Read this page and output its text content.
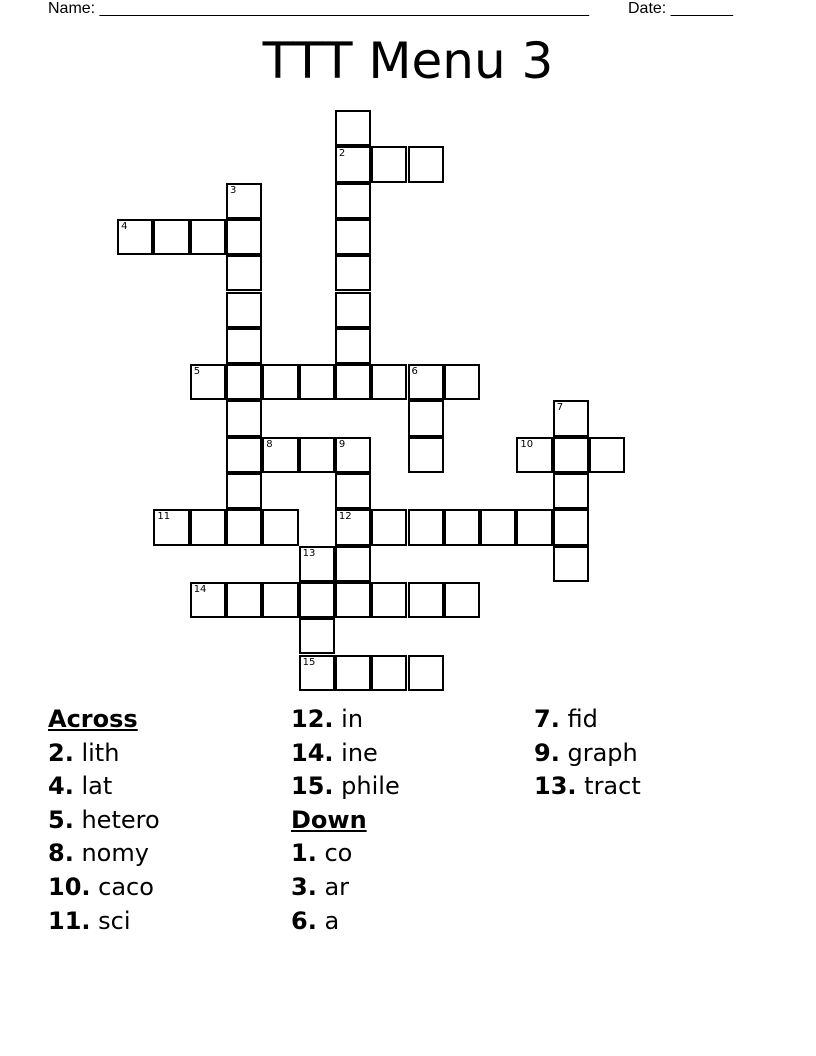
Name: _______________________________________________________ Date: _______
TTT Menu 3
2
3
4
5	6
7
10
8	9
11	12
13
14
15
Across
2. lith
4. lat
5. hetero
8. nomy
10. caco
11. sci
12. in
14. ine
15. phile
Down
1. co
3. ar
6. a
7. fid
9. graph
13. tract
